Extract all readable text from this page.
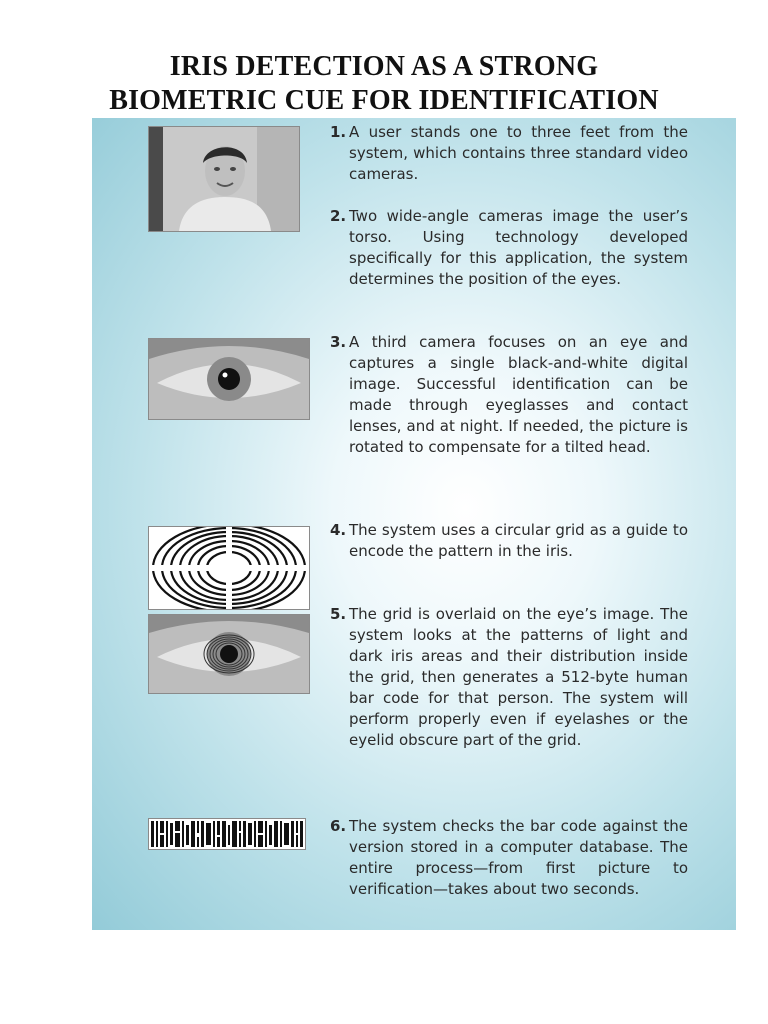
IRIS DETECTION AS A STRONG
BIOMETRIC CUE FOR IDENTIFICATION
1. A user stands one to three feet from the system, which contains three standard video cameras.
2. Two wide-angle cameras image the user’s torso. Using technology developed specifically for this application, the system determines the position of the eyes.
3. A third camera focuses on an eye and captures a single black-and-white digital image. Successful identification can be made through eyeglasses and contact lenses, and at night. If needed, the picture is rotated to compensate for a tilted head.
4. The system uses a circular grid as a guide to encode the pattern in the iris.
5. The grid is overlaid on the eye’s image. The system looks at the patterns of light and dark iris areas and their distribution inside the grid, then generates a 512-byte human bar code for that person. The system will perform properly even if eyelashes or the eyelid obscure part of the grid.
6. The system checks the bar code against the version stored in a computer database. The entire process—from first picture to verification—takes about two seconds.
